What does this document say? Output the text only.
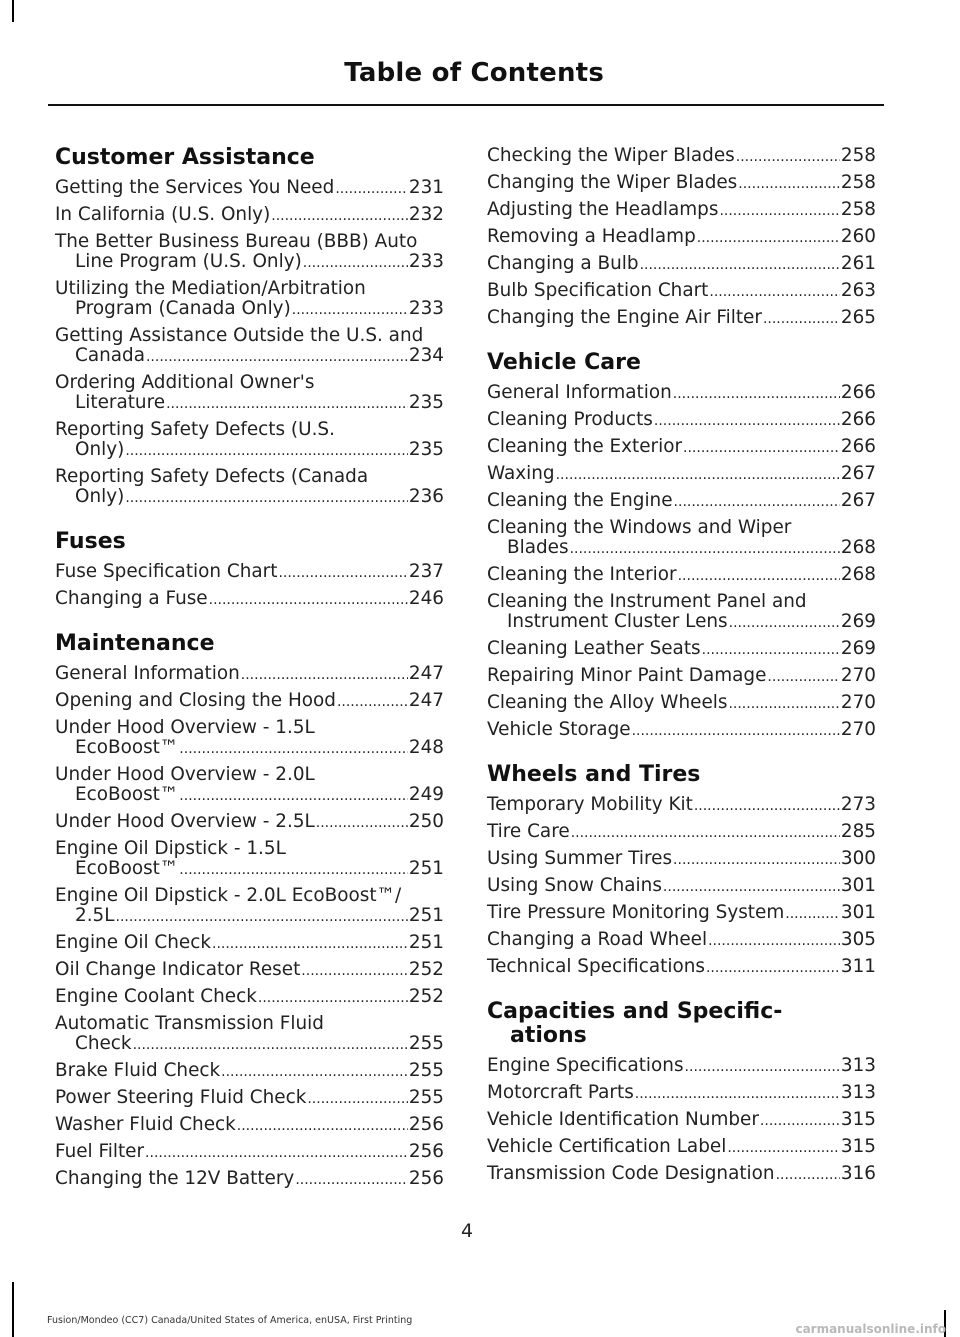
Table of Contents
Customer Assistance
Getting the Services You Need .....	231
In California (U.S. Only) .....	232
The Better Business Bureau (BBB) Auto
Line Program (U.S. Only) .....	233
Utilizing the Mediation/Arbitration
Program (Canada Only) .....	233
Getting Assistance Outside the U.S. and
Canada .....	234
Ordering Additional Owner's
Literature .....	235
Reporting Safety Defects (U.S.
Only) .....	235
Reporting Safety Defects (Canada
Only) .....	236
Fuses
Fuse Specification Chart .....	237
Changing a Fuse .....	246
Maintenance
General Information .....	247
Opening and Closing the Hood .....	247
Under Hood Overview - 1.5L
EcoBoost™ .....	248
Under Hood Overview - 2.0L
EcoBoost™ .....	249
Under Hood Overview - 2.5L .....	250
Engine Oil Dipstick - 1.5L
EcoBoost™ .....	251
Engine Oil Dipstick - 2.0L EcoBoost™/
2.5L .....	251
Engine Oil Check .....	251
Oil Change Indicator Reset .....	252
Engine Coolant Check .....	252
Automatic Transmission Fluid
Check .....	255
Brake Fluid Check .....	255
Power Steering Fluid Check .....	255
Washer Fluid Check .....	256
Fuel Filter .....	256
Changing the 12V Battery .....	256
Checking the Wiper Blades .....	258
Changing the Wiper Blades .....	258
Adjusting the Headlamps .....	258
Removing a Headlamp .....	260
Changing a Bulb .....	261
Bulb Specification Chart .....	263
Changing the Engine Air Filter .....	265
Vehicle Care
General Information .....	266
Cleaning Products .....	266
Cleaning the Exterior .....	266
Waxing .....	267
Cleaning the Engine .....	267
Cleaning the Windows and Wiper
Blades .....	268
Cleaning the Interior .....	268
Cleaning the Instrument Panel and
Instrument Cluster Lens .....	269
Cleaning Leather Seats .....	269
Repairing Minor Paint Damage .....	270
Cleaning the Alloy Wheels .....	270
Vehicle Storage .....	270
Wheels and Tires
Temporary Mobility Kit .....	273
Tire Care .....	285
Using Summer Tires .....	300
Using Snow Chains .....	301
Tire Pressure Monitoring System .....	301
Changing a Road Wheel .....	305
Technical Specifications .....	311
Capacities and Specific-
ations
Engine Specifications .....	313
Motorcraft Parts .....	313
Vehicle Identification Number .....	315
Vehicle Certification Label .....	315
Transmission Code Designation .....	316
4
Fusion/Mondeo (CC7) Canada/United States of America, enUSA, First Printing
carmanualsonline.info
